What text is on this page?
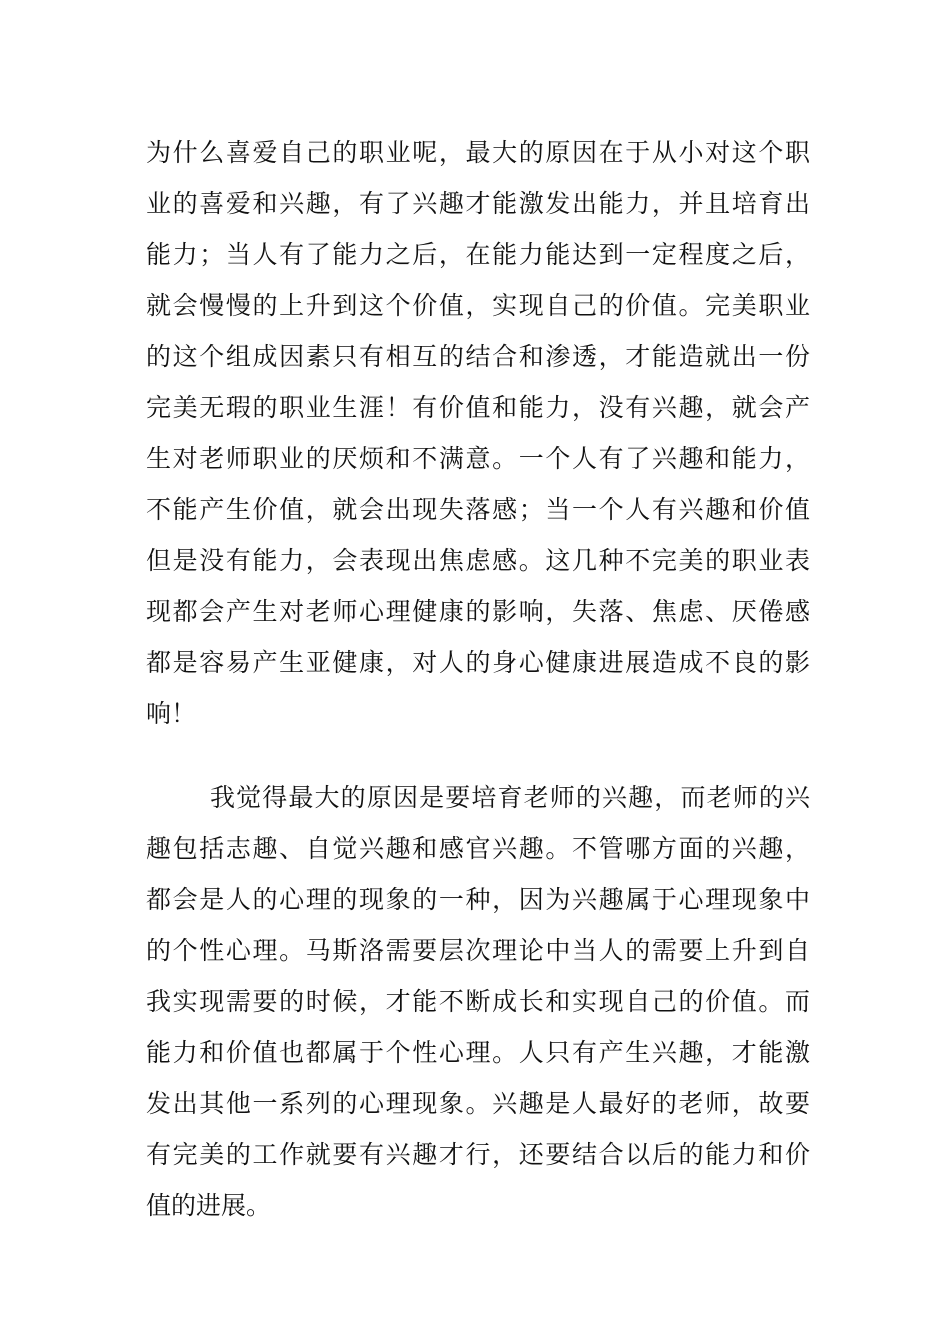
为什么喜爱自己的职业呢，最大的原因在于从小对这个职
业的喜爱和兴趣，有了兴趣才能激发出能力，并且培育出
能力；当人有了能力之后，在能力能达到一定程度之后，
就会慢慢的上升到这个价值，实现自己的价值。完美职业
的这个组成因素只有相互的结合和渗透，才能造就出一份
完美无瑕的职业生涯！有价值和能力，没有兴趣，就会产
生对老师职业的厌烦和不满意。一个人有了兴趣和能力，
不能产生价值，就会出现失落感；当一个人有兴趣和价值
但是没有能力，会表现出焦虑感。这几种不完美的职业表
现都会产生对老师心理健康的影响，失落、焦虑、厌倦感
都是容易产生亚健康，对人的身心健康进展造成不良的影
响！
我觉得最大的原因是要培育老师的兴趣，而老师的兴
趣包括志趣、自觉兴趣和感官兴趣。不管哪方面的兴趣，
都会是人的心理的现象的一种，因为兴趣属于心理现象中
的个性心理。马斯洛需要层次理论中当人的需要上升到自
我实现需要的时候，才能不断成长和实现自己的价值。而
能力和价值也都属于个性心理。人只有产生兴趣，才能激
发出其他一系列的心理现象。兴趣是人最好的老师，故要
有完美的工作就要有兴趣才行，还要结合以后的能力和价
值的进展。
